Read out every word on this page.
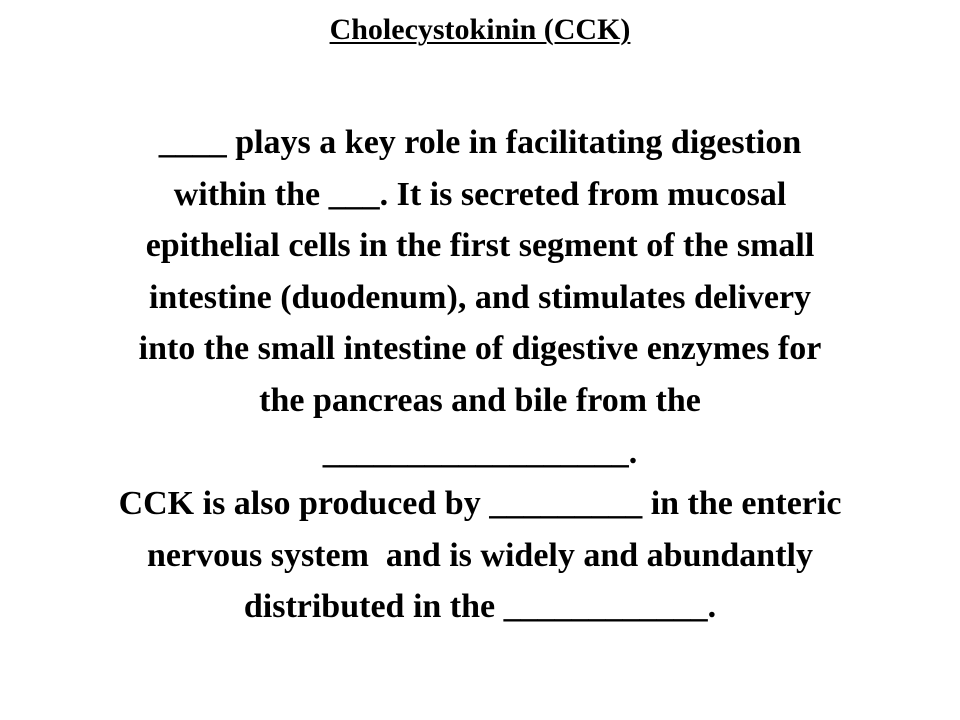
Cholecystokinin (CCK)
____ plays a key role in facilitating digestion
within the ___. It is secreted from mucosal
epithelial cells in the first segment of the small
intestine (duodenum), and stimulates delivery
into the small intestine of digestive enzymes for
the pancreas and bile from the
__________________.
CCK is also produced by _________ in the enteric
nervous system  and is widely and abundantly
distributed in the ____________.
